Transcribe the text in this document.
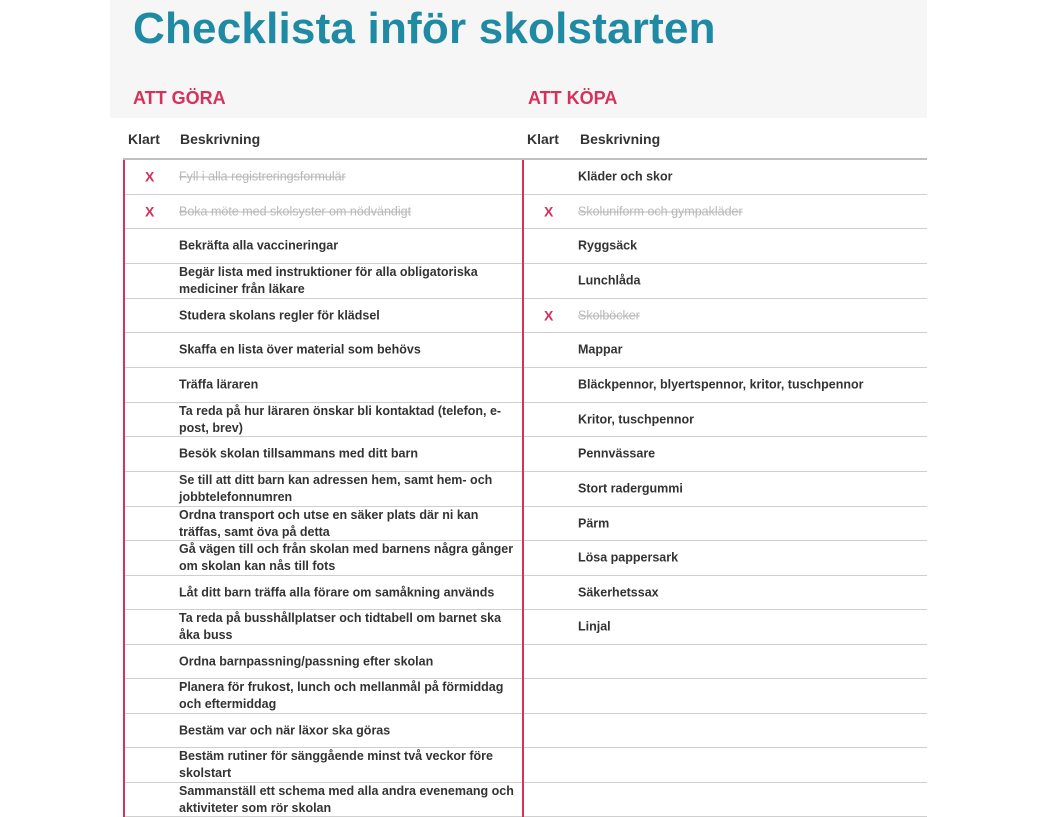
Checklista inför skolstarten
ATT GÖRA	ATT KÖPA
Klart Beskrivning
X Fyll i alla registreringsformulär
X Boka möte med skolsyster om nödvändigt
Bekräfta alla vaccineringar
Begär lista med instruktioner för alla obligatoriska mediciner från läkare
Studera skolans regler för klädsel
Skaffa en lista över material som behövs
Träffa läraren
Ta reda på hur läraren önskar bli kontaktad (telefon, e-post, brev)
Besök skolan tillsammans med ditt barn
Se till att ditt barn kan adressen hem, samt hem- och jobbtelefonnumren
Ordna transport och utse en säker plats där ni kan träffas, samt öva på detta
Gå vägen till och från skolan med barnens några gånger om skolan kan nås till fots
Låt ditt barn träffa alla förare om samåkning används
Ta reda på busshållplatser och tidtabell om barnet ska åka buss
Ordna barnpassning/passning efter skolan
Planera för frukost, lunch och mellanmål på förmiddag och eftermiddag
Bestäm var och när läxor ska göras
Bestäm rutiner för sänggående minst två veckor före skolstart
Sammanställ ett schema med alla andra evenemang och aktiviteter som rör skolan
Klart Beskrivning
Kläder och skor
X Skoluniform och gympakläder
Ryggsäck
Lunchlåda
X Skolböcker
Mappar
Bläckpennor, blyertspennor, kritor, tuschpennor
Kritor, tuschpennor
Pennvässare
Stort radergummi
Pärm
Lösa pappersark
Säkerhetssax
Linjal
